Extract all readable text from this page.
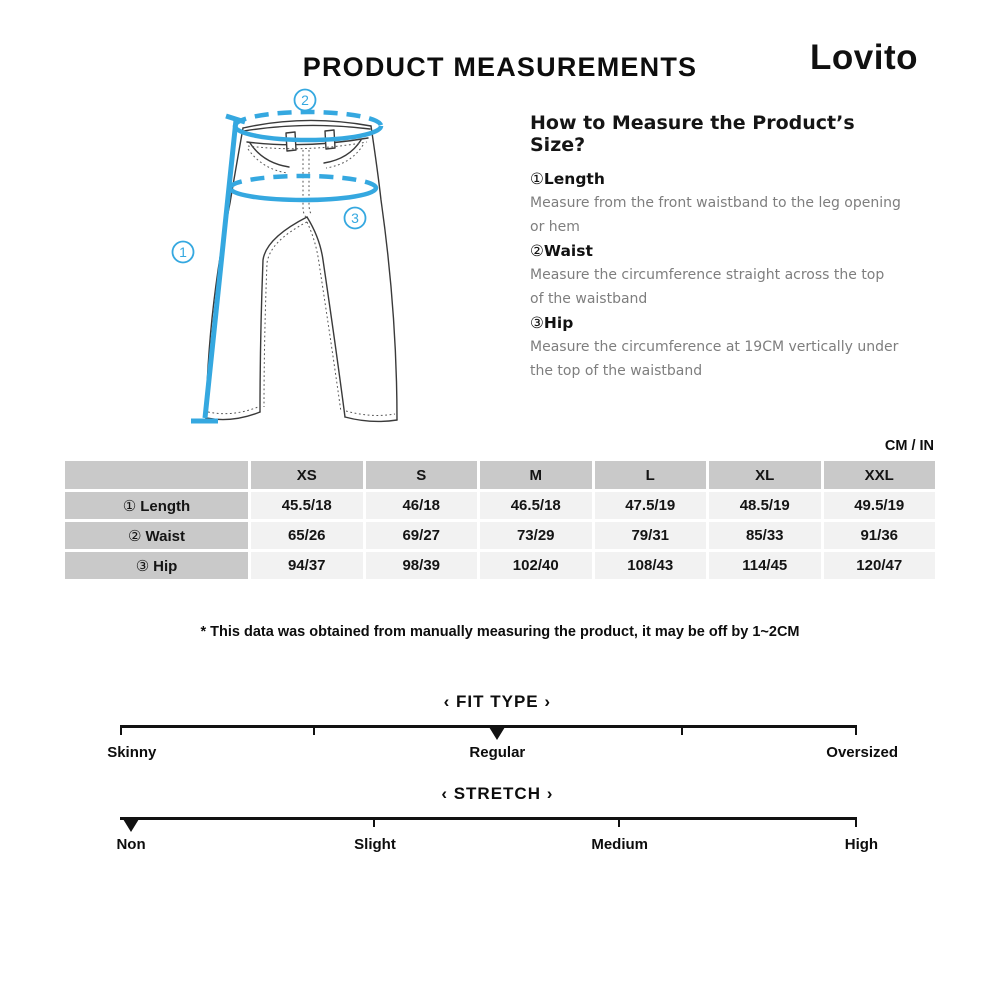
PRODUCT MEASUREMENTS	Lovito
1
2
3
How to Measure the Product’s Size?
①Length
Measure from the front waistband to the leg opening or hem
②Waist
Measure the circumference straight across the top of the waistband
③Hip
Measure the circumference at 19CM vertically under the top of the waistband
CM / IN
	XS	S	M	L	XL	XXL
① Length	45.5/18	46/18	46.5/18	47.5/19	48.5/19	49.5/19
② Waist	65/26	69/27	73/29	79/31	85/33	91/36
③ Hip	94/37	98/39	102/40	108/43	114/45	120/47
* This data was obtained from manually measuring the product, it may be off by 1~2CM
‹ FIT TYPE ›
Skinny	Regular	Oversized
‹ STRETCH ›
Non	Slight	Medium	High
